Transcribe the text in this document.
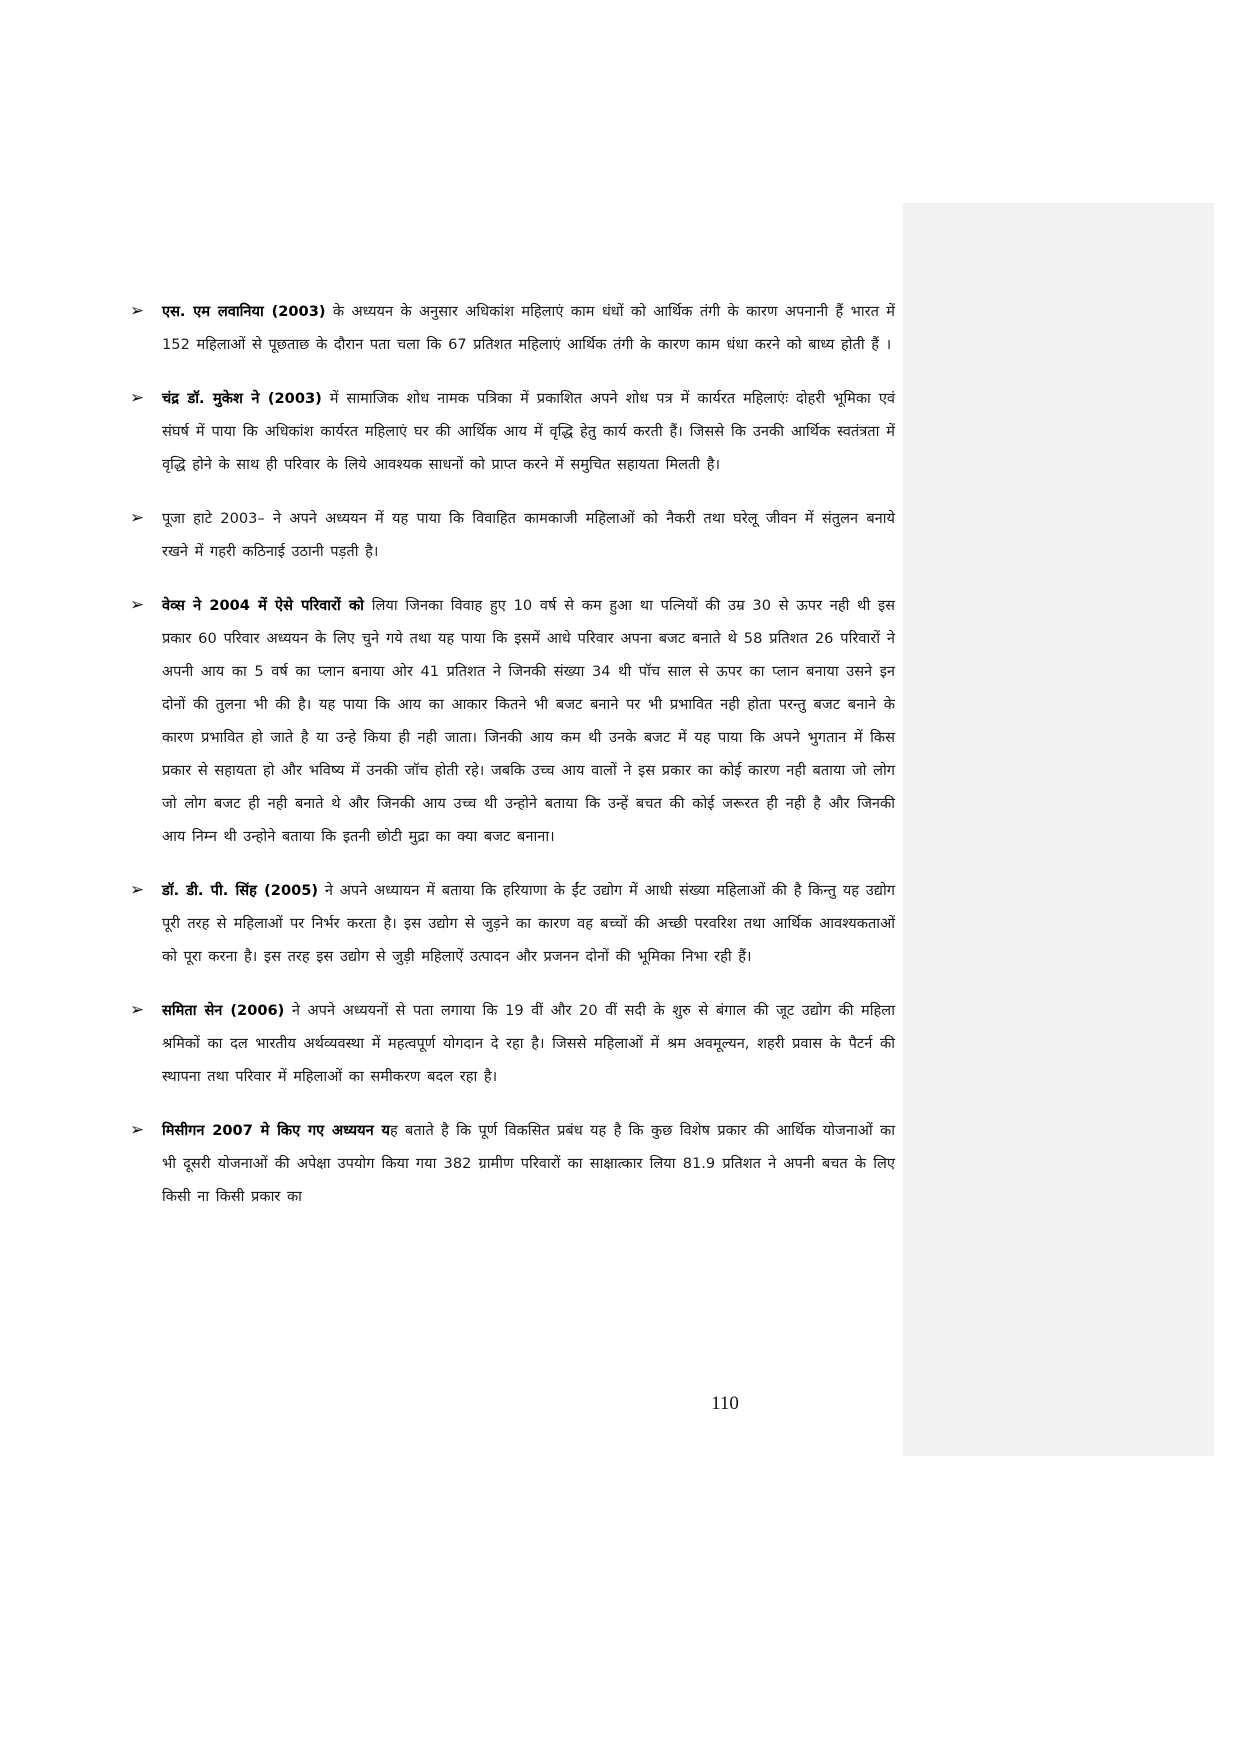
➢ एस. एम लवानिया (2003) के अध्ययन के अनुसार अधिकांश महिलाएं काम धंधों को आर्थिक तंगी के कारण अपनानी हैं भारत में 152 महिलाओं से पूछताछ के दौरान पता चला कि 67 प्रतिशत महिलाएं आर्थिक तंगी के कारण काम धंधा करने को बाध्य होती हैं ।

➢ चंद्र डॉ. मुकेश ने (2003) में सामाजिक शोध नामक पत्रिका में प्रकाशित अपने शोध पत्र में कार्यरत महिलाएंः दोहरी भूमिका एवं संघर्ष में पाया कि अधिकांश कार्यरत महिलाएं घर की आर्थिक आय में वृद्धि हेतु कार्य करती हैं। जिससे कि उनकी आर्थिक स्वतंत्रता में वृद्धि होने के साथ ही परिवार के लिये आवश्यक साधनों को प्राप्त करने में समुचित सहायता मिलती है।

➢ पूजा हाटे 2003– ने अपने अध्ययन में यह पाया कि विवाहित कामकाजी महिलाओं को नैकरी तथा घरेलू जीवन में संतुलन बनाये रखने में गहरी कठिनाई उठानी पड़ती है।

➢ वेव्स ने 2004 में ऐसे परिवारों को लिया जिनका विवाह हुए 10 वर्ष से कम हुआ था पत्नियों की उम्र 30 से ऊपर नही थी इस प्रकार 60 परिवार अध्ययन के लिए चुने गये तथा यह पाया कि इसमें आधे परिवार अपना बजट बनाते थे 58 प्रतिशत 26 परिवारों ने अपनी आय का 5 वर्ष का प्लान बनाया ओर 41 प्रतिशत ने जिनकी संख्या 34 थी पॉच साल से ऊपर का प्लान बनाया उसने इन दोनों की तुलना भी की है। यह पाया कि आय का आकार कितने भी बजट बनाने पर भी प्रभावित नही होता परन्तु बजट बनाने के कारण प्रभावित हो जाते है या उन्हे किया ही नही जाता। जिनकी आय कम थी उनके बजट में यह पाया कि अपने भुगतान में किस प्रकार से सहायता हो और भविष्य में उनकी जॉच होती रहे। जबकि उच्च आय वालों ने इस प्रकार का कोई कारण नही बताया जो लोग जो लोग बजट ही नही बनाते थे और जिनकी आय उच्च थी उन्होने बताया कि उन्हें बचत की कोई जरूरत ही नही है और जिनकी आय निम्न थी उन्होने बताया कि इतनी छोटी मुद्रा का क्या बजट बनाना।

➢ डॉ. डी. पी. सिंह (2005) ने अपने अध्यायन में बताया कि हरियाणा के ईंट उद्योग में आधी संख्या महिलाओं की है किन्तु यह उद्योग पूरी तरह से महिलाओं पर निर्भर करता है। इस उद्योग से जुड़ने का कारण वह बच्चों की अच्छी परवरिश तथा आर्थिक आवश्यकताओं को पूरा करना है। इस तरह इस उद्योग से जुड़ी महिलाऐं उत्पादन और प्रजनन दोनों की भूमिका निभा रही हैं।

➢ समिता सेन (2006) ने अपने अध्ययनों से पता लगाया कि 19 वीं और 20 वीं सदी के शुरु से बंगाल की जूट उद्योग की महिला श्रमिकों का दल भारतीय अर्थव्यवस्था में महत्वपूर्ण योगदान दे रहा है। जिससे महिलाओं में श्रम अवमूल्यन, शहरी प्रवास के पैटर्न की स्थापना तथा परिवार में महिलाओं का समीकरण बदल रहा है।

➢ मिसीगन 2007 मे किए गए अध्ययन यह बताते है कि पूर्ण विकसित प्रबंध यह है कि कुछ विशेष प्रकार की आर्थिक योजनाओं का भी दूसरी योजनाओं की अपेक्षा उपयोग किया गया 382 ग्रामीण परिवारों का साक्षात्कार लिया 81.9 प्रतिशत ने अपनी बचत के लिए किसी ना किसी प्रकार का

110
